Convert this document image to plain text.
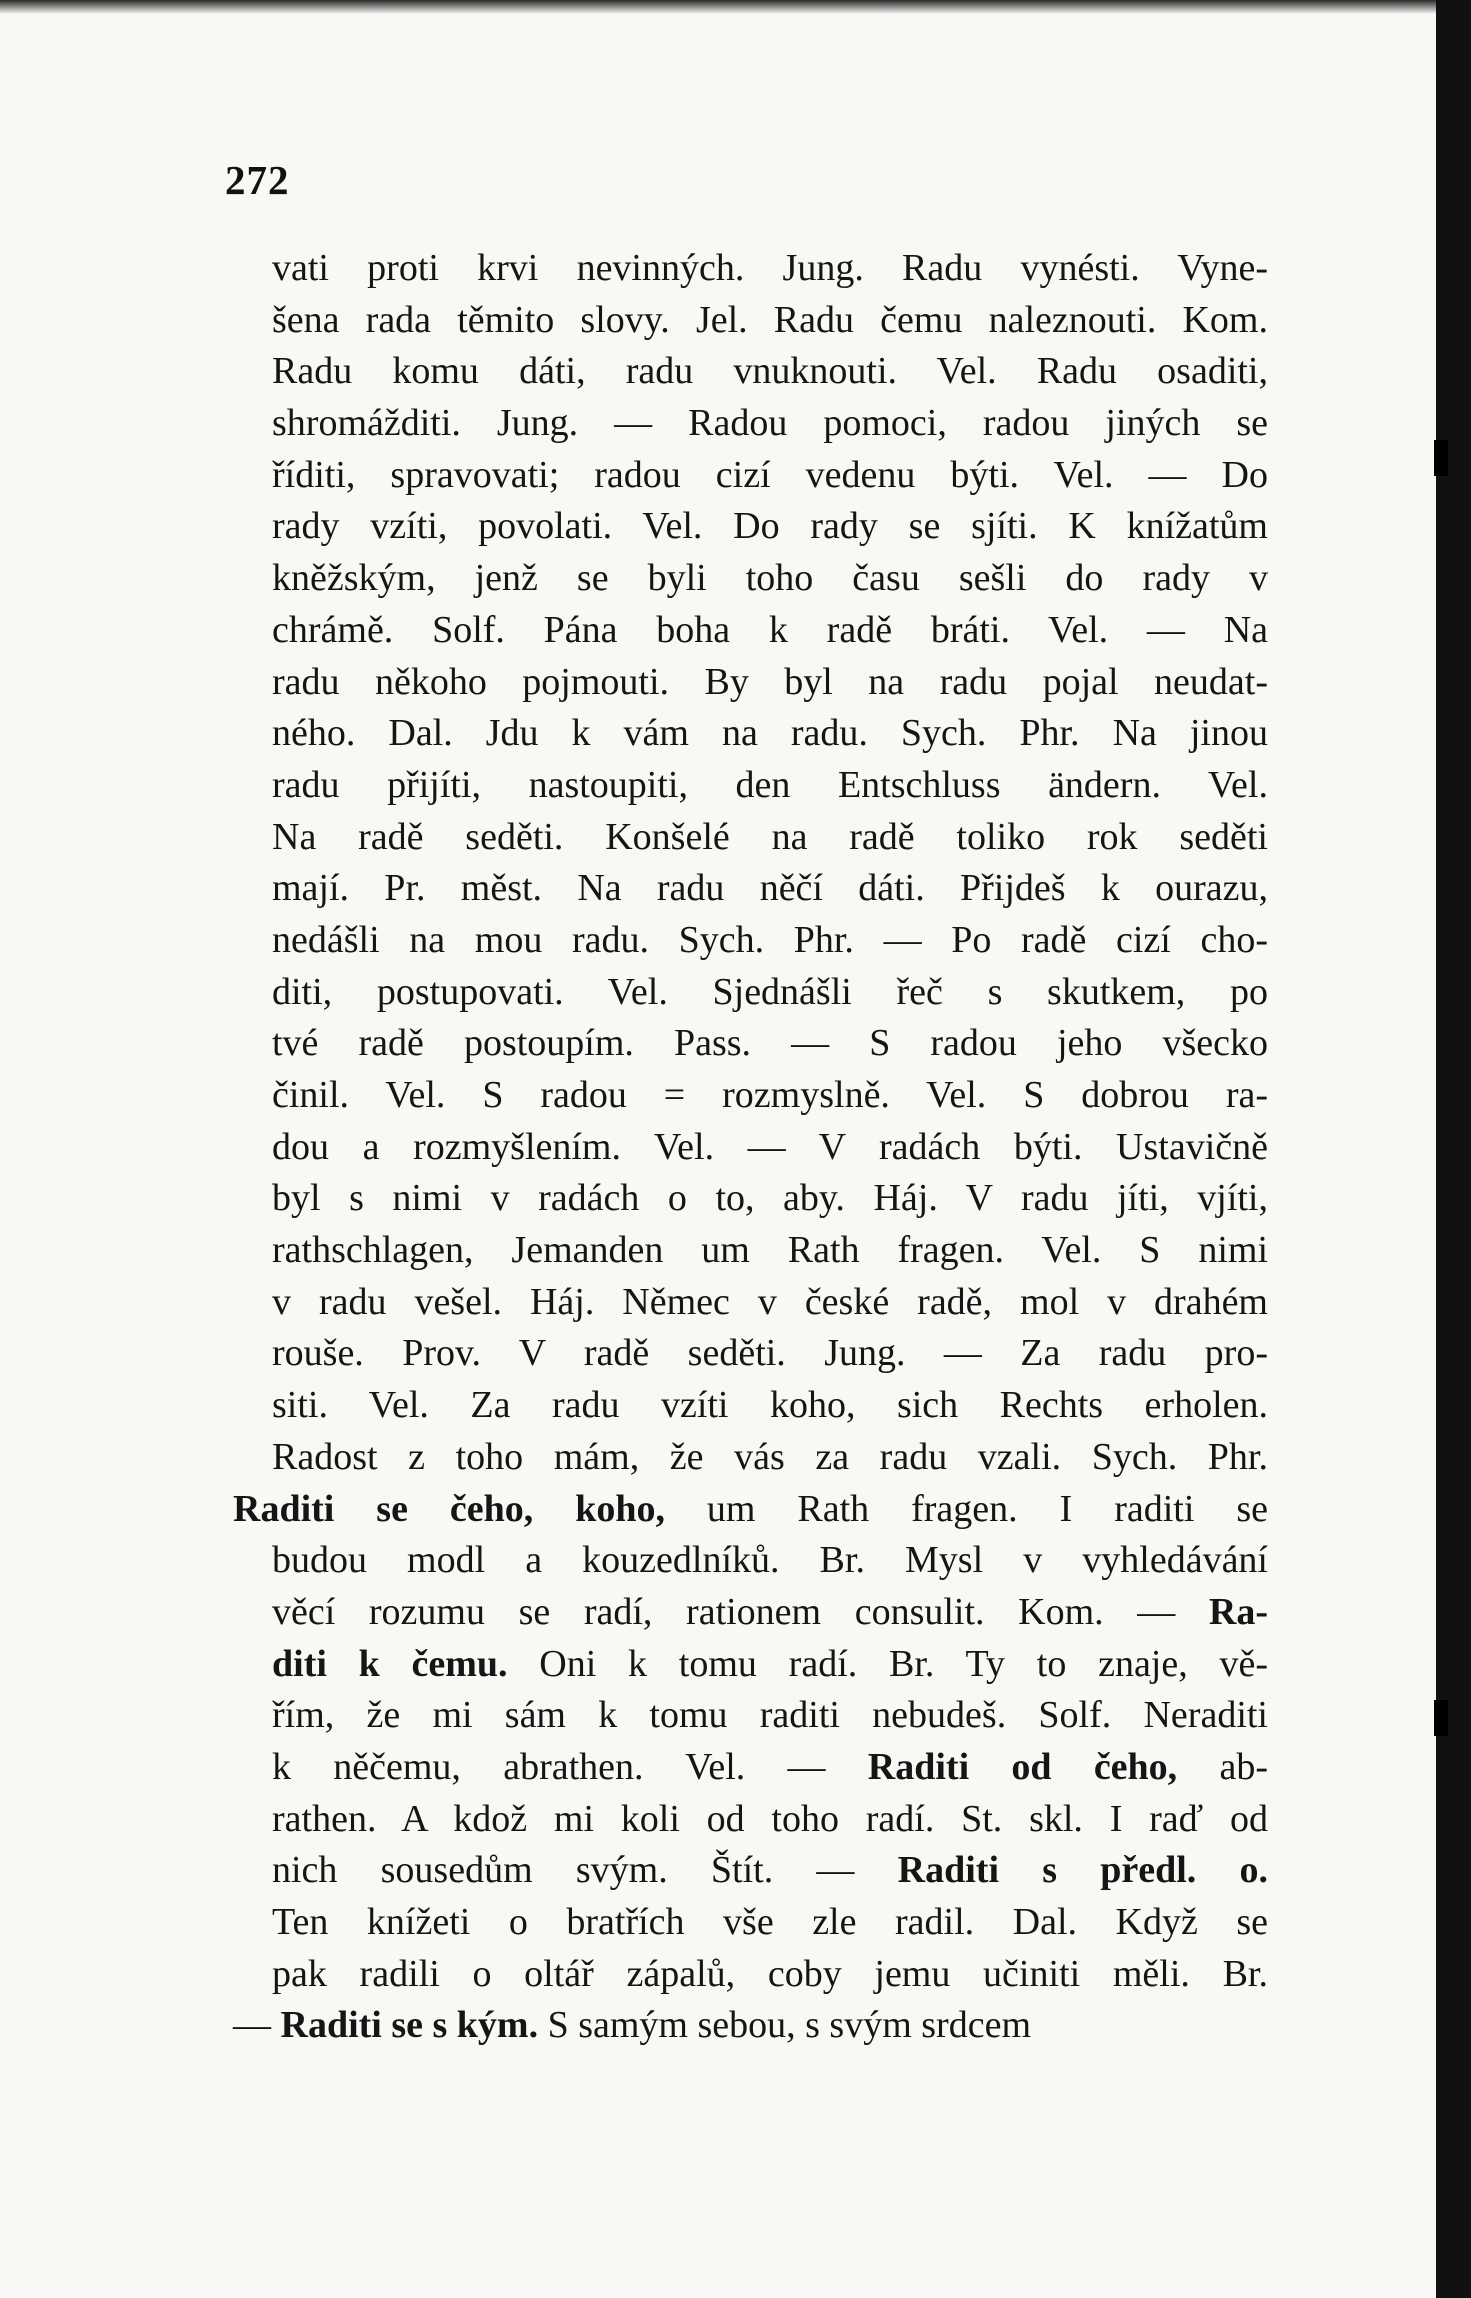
272
vati proti krvi nevinných. Jung. Radu vynésti. Vyne-
šena rada těmito slovy. Jel. Radu čemu naleznouti. Kom.
Radu komu dáti, radu vnuknouti. Vel. Radu osaditi,
shromážditi. Jung. — Radou pomoci, radou jiných se
říditi, spravovati; radou cizí vedenu býti. Vel. — Do
rady vzíti, povolati. Vel. Do rady se sjíti. K knížatům
kněžským, jenž se byli toho času sešli do rady v
chrámě. Solf. Pána boha k radě bráti. Vel. — Na
radu někoho pojmouti. By byl na radu pojal neudat-
ného. Dal. Jdu k vám na radu. Sych. Phr. Na jinou
radu přijíti, nastoupiti, den Entschluss ändern. Vel.
Na radě seděti. Konšelé na radě toliko rok seděti
mají. Pr. měst. Na radu něčí dáti. Přijdeš k ourazu,
nedášli na mou radu. Sych. Phr. — Po radě cizí cho-
diti, postupovati. Vel. Sjednášli řeč s skutkem, po
tvé radě postoupím. Pass. — S radou jeho všecko
činil. Vel. S radou = rozmyslně. Vel. S dobrou ra-
dou a rozmyšlením. Vel. — V radách býti. Ustavičně
byl s nimi v radách o to, aby. Háj. V radu jíti, vjíti,
rathschlagen, Jemanden um Rath fragen. Vel. S nimi
v radu vešel. Háj. Němec v české radě, mol v drahém
rouše. Prov. V radě seděti. Jung. — Za radu pro-
siti. Vel. Za radu vzíti koho, sich Rechts erholen.
Radost z toho mám, že vás za radu vzali. Sych. Phr.
Raditi se čeho, koho, um Rath fragen. I raditi se
budou modl a kouzedlníků. Br. Mysl v vyhledávání
věcí rozumu se radí, rationem consulit. Kom. — Ra-
diti k čemu. Oni k tomu radí. Br. Ty to znaje, vě-
řím, že mi sám k tomu raditi nebudeš. Solf. Neraditi
k něčemu, abrathen. Vel. — Raditi od čeho, ab-
rathen. A kdož mi koli od toho radí. St. skl. I raď od
nich sousedům svým. Štít. — Raditi s předl. o.
Ten knížeti o bratřích vše zle radil. Dal. Když se
pak radili o oltář zápalů, coby jemu učiniti měli. Br.
— Raditi se s kým. S samým sebou, s svým srdcem
